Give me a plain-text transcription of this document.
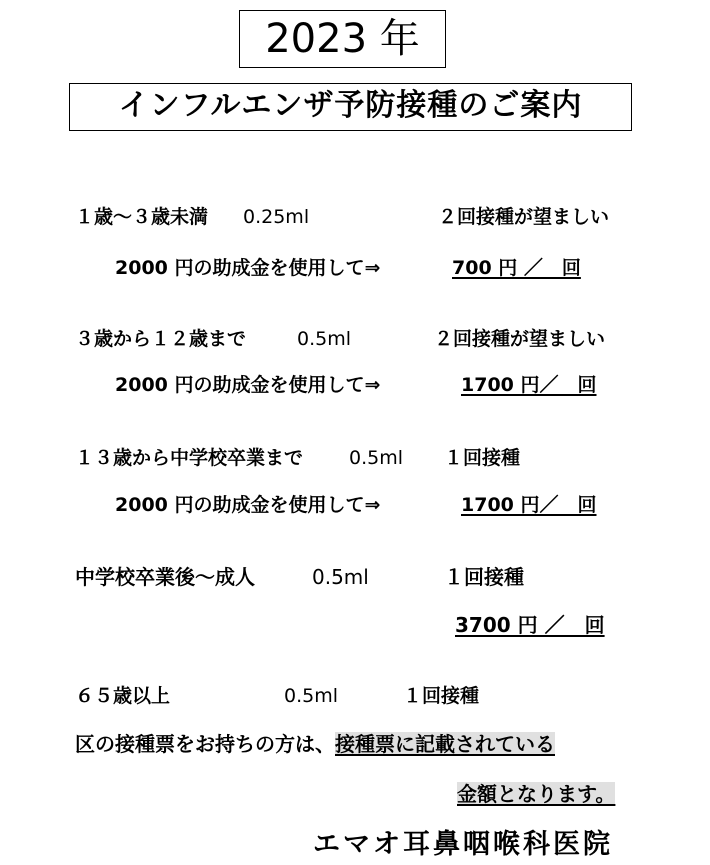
2023 年
インフルエンザ予防接種のご案内
１歳～３歳未満 0.25ml	２回接種が望ましい
2000 円の助成金を使用して⇒	700 円 ／　回
３歳から１２歳まで	0.5ml	２回接種が望ましい
2000 円の助成金を使用して⇒	1700 円／　回
１３歳から中学校卒業まで 0.5ml １回接種
2000 円の助成金を使用して⇒	1700 円／　回
中学校卒業後～成人	0.5ml	１回接種
3700 円 ／　回
６５歳以上	0.5ml	１回接種
区の接種票をお持ちの方は、接種票に記載されている
金額となります。
エマオ耳鼻咽喉科医院
